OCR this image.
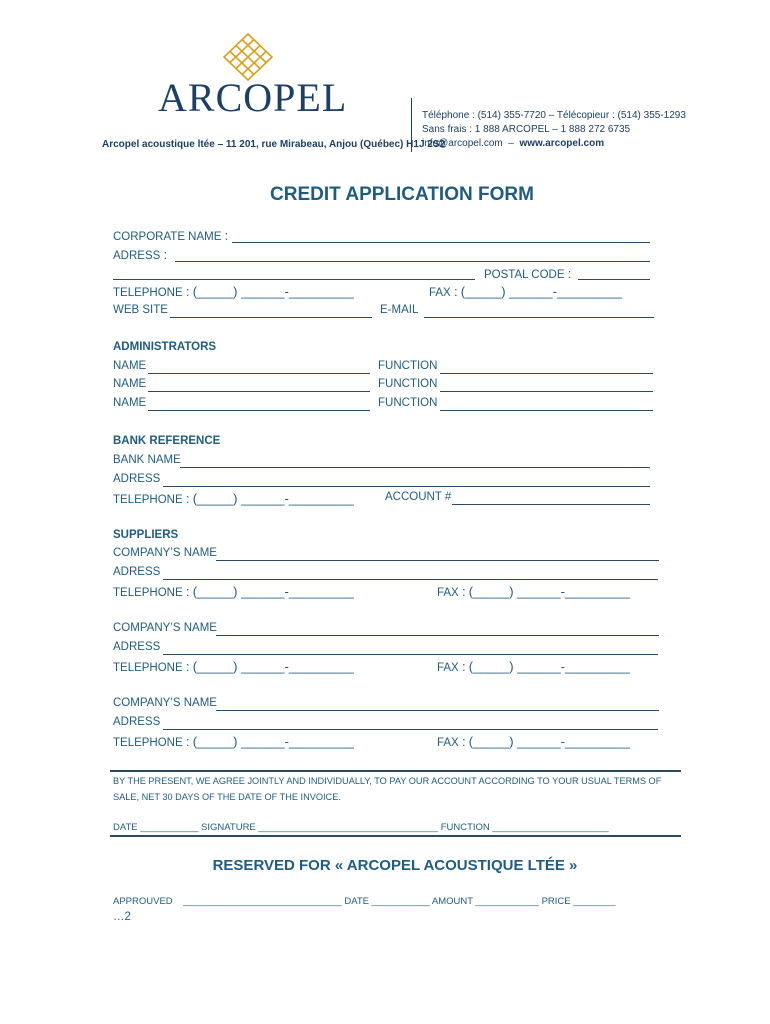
ARCOPEL
Arcopel acoustique ltée – 11 201, rue Mirabeau, Anjou (Québec) H1J 2S2
Téléphone : (514) 355-7720 – Télécopieur : (514) 355-1293
Sans frais : 1 888 ARCOPEL – 1 888 272 6735
info@arcopel.com  –  www.arcopel.com
CREDIT APPLICATION FORM
CORPORATE NAME :
ADRESS :
POSTAL CODE :
TELEPHONE : (_____) ______-_________	FAX : (_____) ______-_________
WEB SITE	E-MAIL
ADMINISTRATORS
NAME	FUNCTION
NAME	FUNCTION
NAME	FUNCTION
BANK REFERENCE
BANK NAME
ADRESS
TELEPHONE : (_____) ______-_________	ACCOUNT #
SUPPLIERS
COMPANY’S NAME
ADRESS
TELEPHONE : (_____) ______-_________	FAX : (_____) ______-_________
COMPANY’S NAME
ADRESS
TELEPHONE : (_____) ______-_________	FAX : (_____) ______-_________
COMPANY’S NAME
ADRESS
TELEPHONE : (_____) ______-_________	FAX : (_____) ______-_________
BY THE PRESENT, WE AGREE JOINTLY AND INDIVIDUALLY, TO PAY OUR ACCOUNT ACCORDING TO YOUR USUAL TERMS OF
SALE, NET 30 DAYS OF THE DATE OF THE INVOICE.
DATE ___________ SIGNATURE __________________________________ FUNCTION ______________________
RESERVED FOR « ARCOPEL ACOUSTIQUE LTÉE »
APPROUVED ______________________________ DATE ___________ AMOUNT ____________ PRICE ________
…2
